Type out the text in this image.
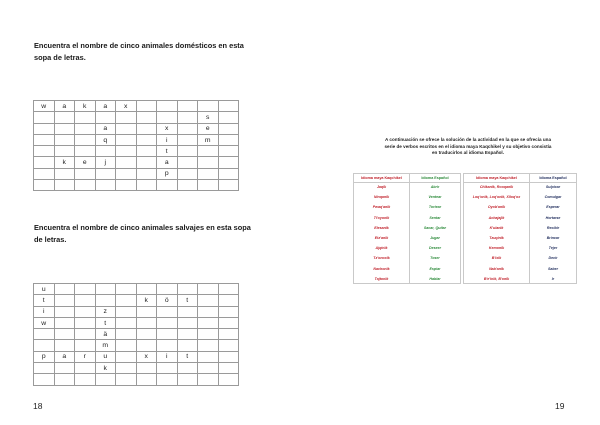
Encuentra el nombre de cinco animales domésticos en esta sopa de letras.
w	a	k	a	x					
								s	
			a			x		e	
			q			i		m	
						t			
	k	e	j			a			
						p			

Encuentra el nombre de cinco animales salvajes en esta sopa de letras.
u									
t					k	ö	t		
i			z						
w			t						
			ä						
			m						
p	a	r	u		x	i	t		
			k						

18
A continuación se ofrece la solución de la actividad en la que se ofrecía una serie de verbos escritos en el idioma maya Kaqchikel y su objetivo consistía en traducirlos al idioma Español.
Idioma maya Kaqchikel	Idioma Español
Jaqïk	Abrir
Ninqanïk	Ventear
Pwaq'anïk	Tortear
Ti'oyonïk	Sentar
Elesanïk	Sacar, Quitar
Etz'anïk	Jugar
Ajqinïk	Deseer
Tz'onoxïk	Toser
Nachonïk	Espiar
Tajtonïk	Hablar
Idioma maya Kaqchikel	Idioma Español
Chïkanïk, Rooqanïk	Sulpicar
Loq'onïk, Loq'onïk, Xïloq'ox	Comulgar
Oyob'anïk	Esperar
Achajajïk	Hortarse
K'ulanïk	Recibir
Tzuqinïk	Brincar
Kemonïk	Tejer
B'ixïk	Decir
Nab'anïk	Saber
B'e'inïk, B'onïk	Ir
19
